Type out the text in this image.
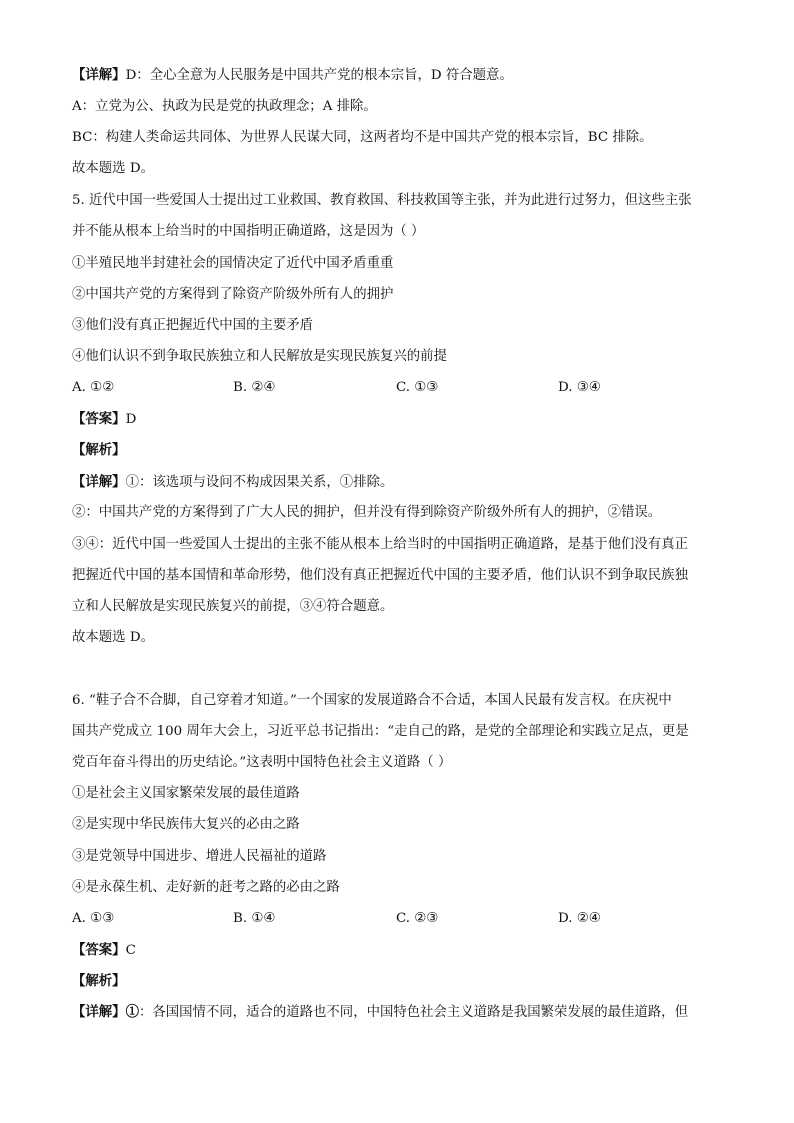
【详解】D：全心全意为人民服务是中国共产党的根本宗旨，D 符合题意。
A：立党为公、执政为民是党的执政理念；A 排除。
BC：构建人类命运共同体、为世界人民谋大同，这两者均不是中国共产党的根本宗旨，BC 排除。
故本题选 D。
5. 近代中国一些爱国人士提出过工业救国、教育救国、科技救国等主张，并为此进行过努力，但这些主张
并不能从根本上给当时的中国指明正确道路，这是因为（ ）
①半殖民地半封建社会的国情决定了近代中国矛盾重重
②中国共产党的方案得到了除资产阶级外所有人的拥护
③他们没有真正把握近代中国的主要矛盾
④他们认识不到争取民族独立和人民解放是实现民族复兴的前提
A. ①②	B. ②④	C. ①③	D. ③④
【答案】D
【解析】
【详解】①：该选项与设问不构成因果关系，①排除。
②：中国共产党的方案得到了广大人民的拥护，但并没有得到除资产阶级外所有人的拥护，②错误。
③④：近代中国一些爱国人士提出的主张不能从根本上给当时的中国指明正确道路，是基于他们没有真正
把握近代中国的基本国情和革命形势，他们没有真正把握近代中国的主要矛盾，他们认识不到争取民族独
立和人民解放是实现民族复兴的前提，③④符合题意。
故本题选 D。
6. “鞋子合不合脚，自己穿着才知道。”一个国家的发展道路合不合适，本国人民最有发言权。在庆祝中
国共产党成立 100 周年大会上，习近平总书记指出：“走自己的路，是党的全部理论和实践立足点，更是
党百年奋斗得出的历史结论。”这表明中国特色社会主义道路（ ）
①是社会主义国家繁荣发展的最佳道路
②是实现中华民族伟大复兴的必由之路
③是党领导中国进步、增进人民福祉的道路
④是永葆生机、走好新的赶考之路的必由之路
A. ①③	B. ①④	C. ②③	D. ②④
【答案】C
【解析】
【详解】①：各国国情不同，适合的道路也不同，中国特色社会主义道路是我国繁荣发展的最佳道路，但
